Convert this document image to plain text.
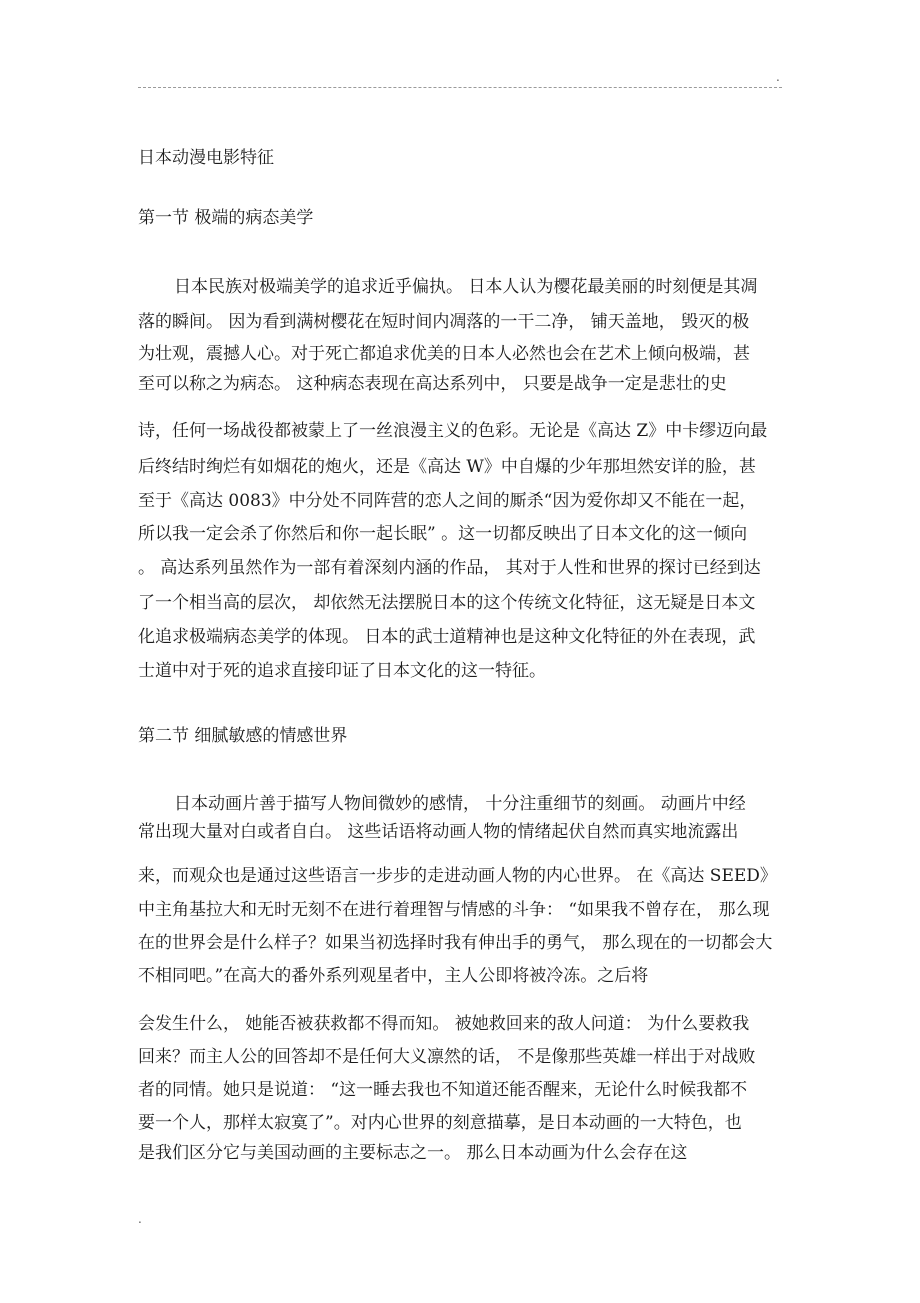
.

日本动漫电影特征

第一节 极端的病态美学

日本民族对极端美学的追求近乎偏执。 日本人认为樱花最美丽的时刻便是其凋

落的瞬间。 因为看到满树樱花在短时间内凋落的一干二净， 铺天盖地， 毁灭的极

为壮观，震撼人心。对于死亡都追求优美的日本人必然也会在艺术上倾向极端，甚

至可以称之为病态。 这种病态表现在高达系列中， 只要是战争一定是悲壮的史

诗，任何一场战役都被蒙上了一丝浪漫主义的色彩。无论是《高达 Z》中卡缪迈向最

后终结时绚烂有如烟花的炮火，还是《高达 W》中自爆的少年那坦然安详的脸，甚

至于《高达 0083》中分处不同阵营的恋人之间的厮杀“因为爱你却又不能在一起，

所以我一定会杀了你然后和你一起长眠” 。这一切都反映出了日本文化的这一倾向

。 高达系列虽然作为一部有着深刻内涵的作品， 其对于人性和世界的探讨已经到达

了一个相当高的层次， 却依然无法摆脱日本的这个传统文化特征，这无疑是日本文

化追求极端病态美学的体现。 日本的武士道精神也是这种文化特征的外在表现，武

士道中对于死的追求直接印证了日本文化的这一特征。

第二节 细腻敏感的情感世界

日本动画片善于描写人物间微妙的感情， 十分注重细节的刻画。 动画片中经

常出现大量对白或者自白。 这些话语将动画人物的情绪起伏自然而真实地流露出

来，而观众也是通过这些语言一步步的走进动画人物的内心世界。 在《高达 SEED》

中主角基拉大和无时无刻不在进行着理智与情感的斗争： “如果我不曾存在， 那么现

在的世界会是什么样子？如果当初选择时我有伸出手的勇气， 那么现在的一切都会大

不相同吧。”在高大的番外系列观星者中，主人公即将被冷冻。之后将

会发生什么， 她能否被获救都不得而知。 被她救回来的敌人问道： 为什么要救我

回来？而主人公的回答却不是任何大义凛然的话， 不是像那些英雄一样出于对战败

者的同情。她只是说道： “这一睡去我也不知道还能否醒来，无论什么时候我都不

要一个人，那样太寂寞了”。对内心世界的刻意描摹，是日本动画的一大特色，也

是我们区分它与美国动画的主要标志之一。 那么日本动画为什么会存在这

.
